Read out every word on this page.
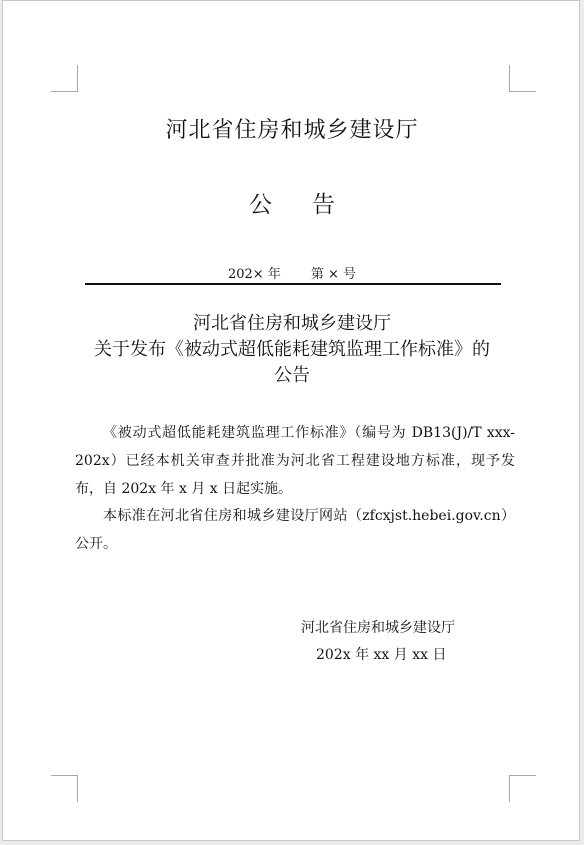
河北省住房和城乡建设厅
公告
202× 年 第 × 号
河北省住房和城乡建设厅
关于发布《被动式超低能耗建筑监理工作标准》的
公告

《被动式超低能耗建筑监理工作标准》（编号为 DB13(J)/T xxx-202x）已经本机关审查并批准为河北省工程建设地方标准，现予发布，自 202x 年 x 月 x 日起实施。

本标准在河北省住房和城乡建设厅网站（zfcxjst.hebei.gov.cn）公开。

河北省住房和城乡建设厅
202x 年 xx 月 xx 日
